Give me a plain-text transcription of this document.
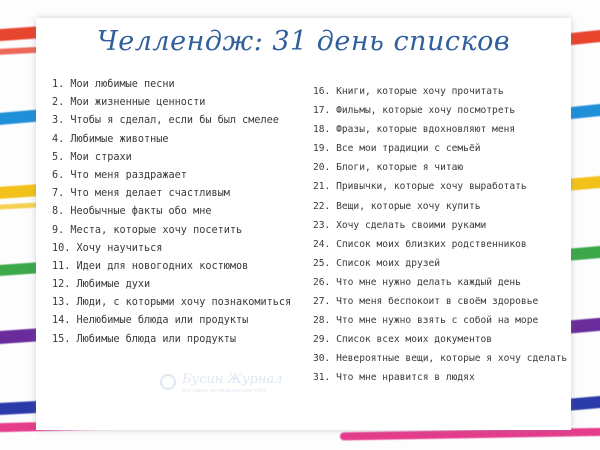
Челлендж: 31 день списков
1. Мои любимые песни
2. Мои жизненные ценности
3. Чтобы я сделал, если бы был смелее
4. Любимые животные
5. Мои страхи
6. Что меня раздражает
7. Что меня делает счастливым
8. Необычные факты обо мне
9. Места, которые хочу посетить
10. Хочу научиться
11. Идеи для новогодних костюмов
12. Любимые духи
13. Люди, с которыми хочу познакомиться
14. Нелюбимые блюда или продукты
15. Любимые блюда или продукты
16. Книги, которые хочу прочитать
17. Фильмы, которые хочу посмотреть
18. Фразы, которые вдохновляют меня
19. Все мои традиции с семьёй
20. Блоги, которые я читаю
21. Привычки, которые хочу выработать
22. Вещи, которые хочу купить
23. Хочу сделать своими руками
24. Список моих близких родственников
25. Список моих друзей
26. Что мне нужно делать каждый день
27. Что меня беспокоит в своём здоровье
28. Что мне нужно взять с собой на море
29. Список всех моих документов
30. Невероятные вещи, которые я хочу сделать
31. Что мне нравится в людях
Бусин Журнал
Всё самое интересное для тебя
